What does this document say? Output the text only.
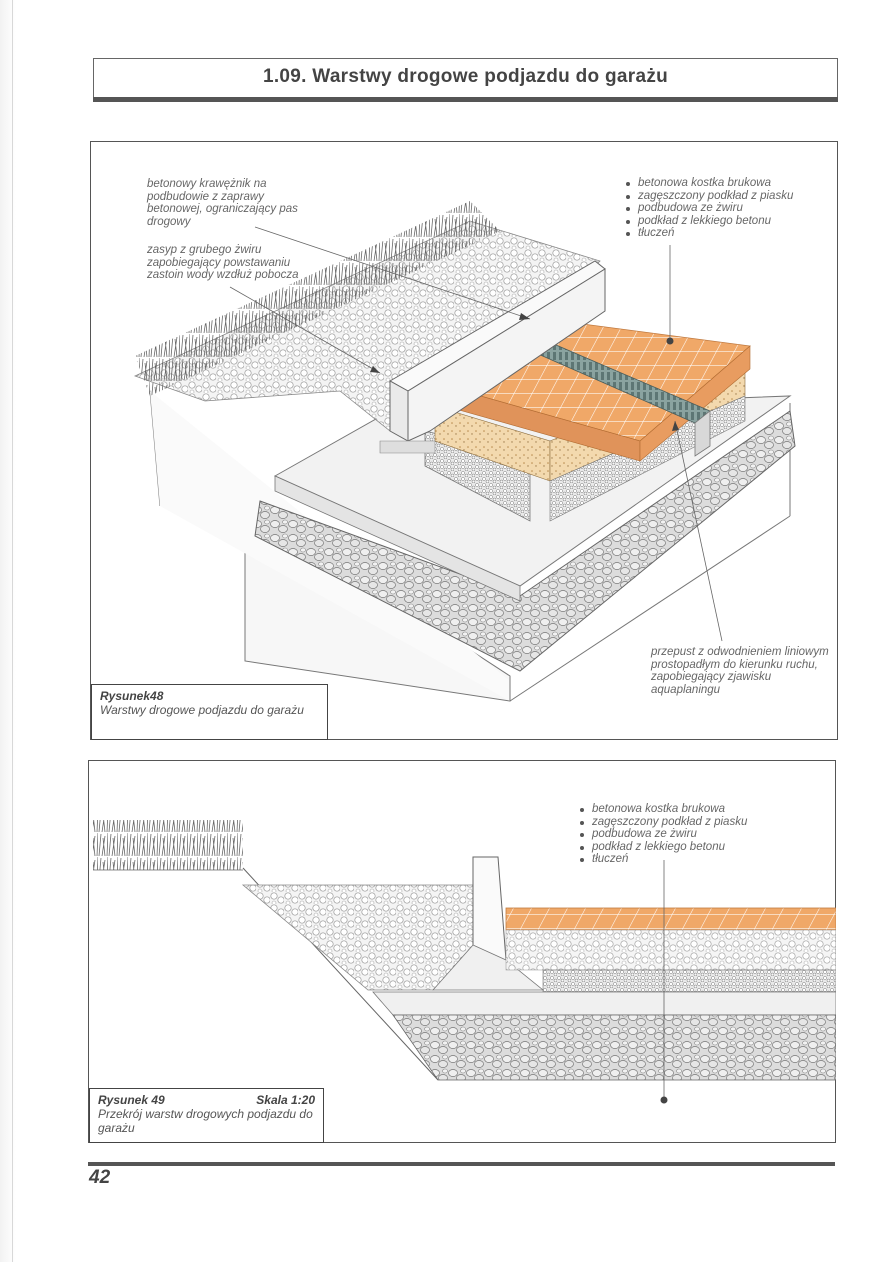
1.09. Warstwy drogowe podjazdu do garażu
betonowy krawężnik na podbudowie z zaprawy betonowej, ograniczający pas drogowy
zasyp z grubego żwiru zapobiegający powstawaniu zastoin wody wzdłuż pobocza
betonowa kostka brukowa
zagęszczony podkład z piasku
podbudowa ze żwiru
podkład z lekkiego betonu
tłuczeń
przepust z odwodnieniem liniowym prostopadłym do kierunku ruchu, zapobiegający zjawisku aquaplaningu
Rysunek48
Warstwy drogowe podjazdu do garażu
betonowa kostka brukowa
zagęszczony podkład z piasku
podbudowa ze żwiru
podkład z lekkiego betonu
tłuczeń
Rysunek 49	Skala 1:20
Przekrój warstw drogowych podjazdu do garażu
42
